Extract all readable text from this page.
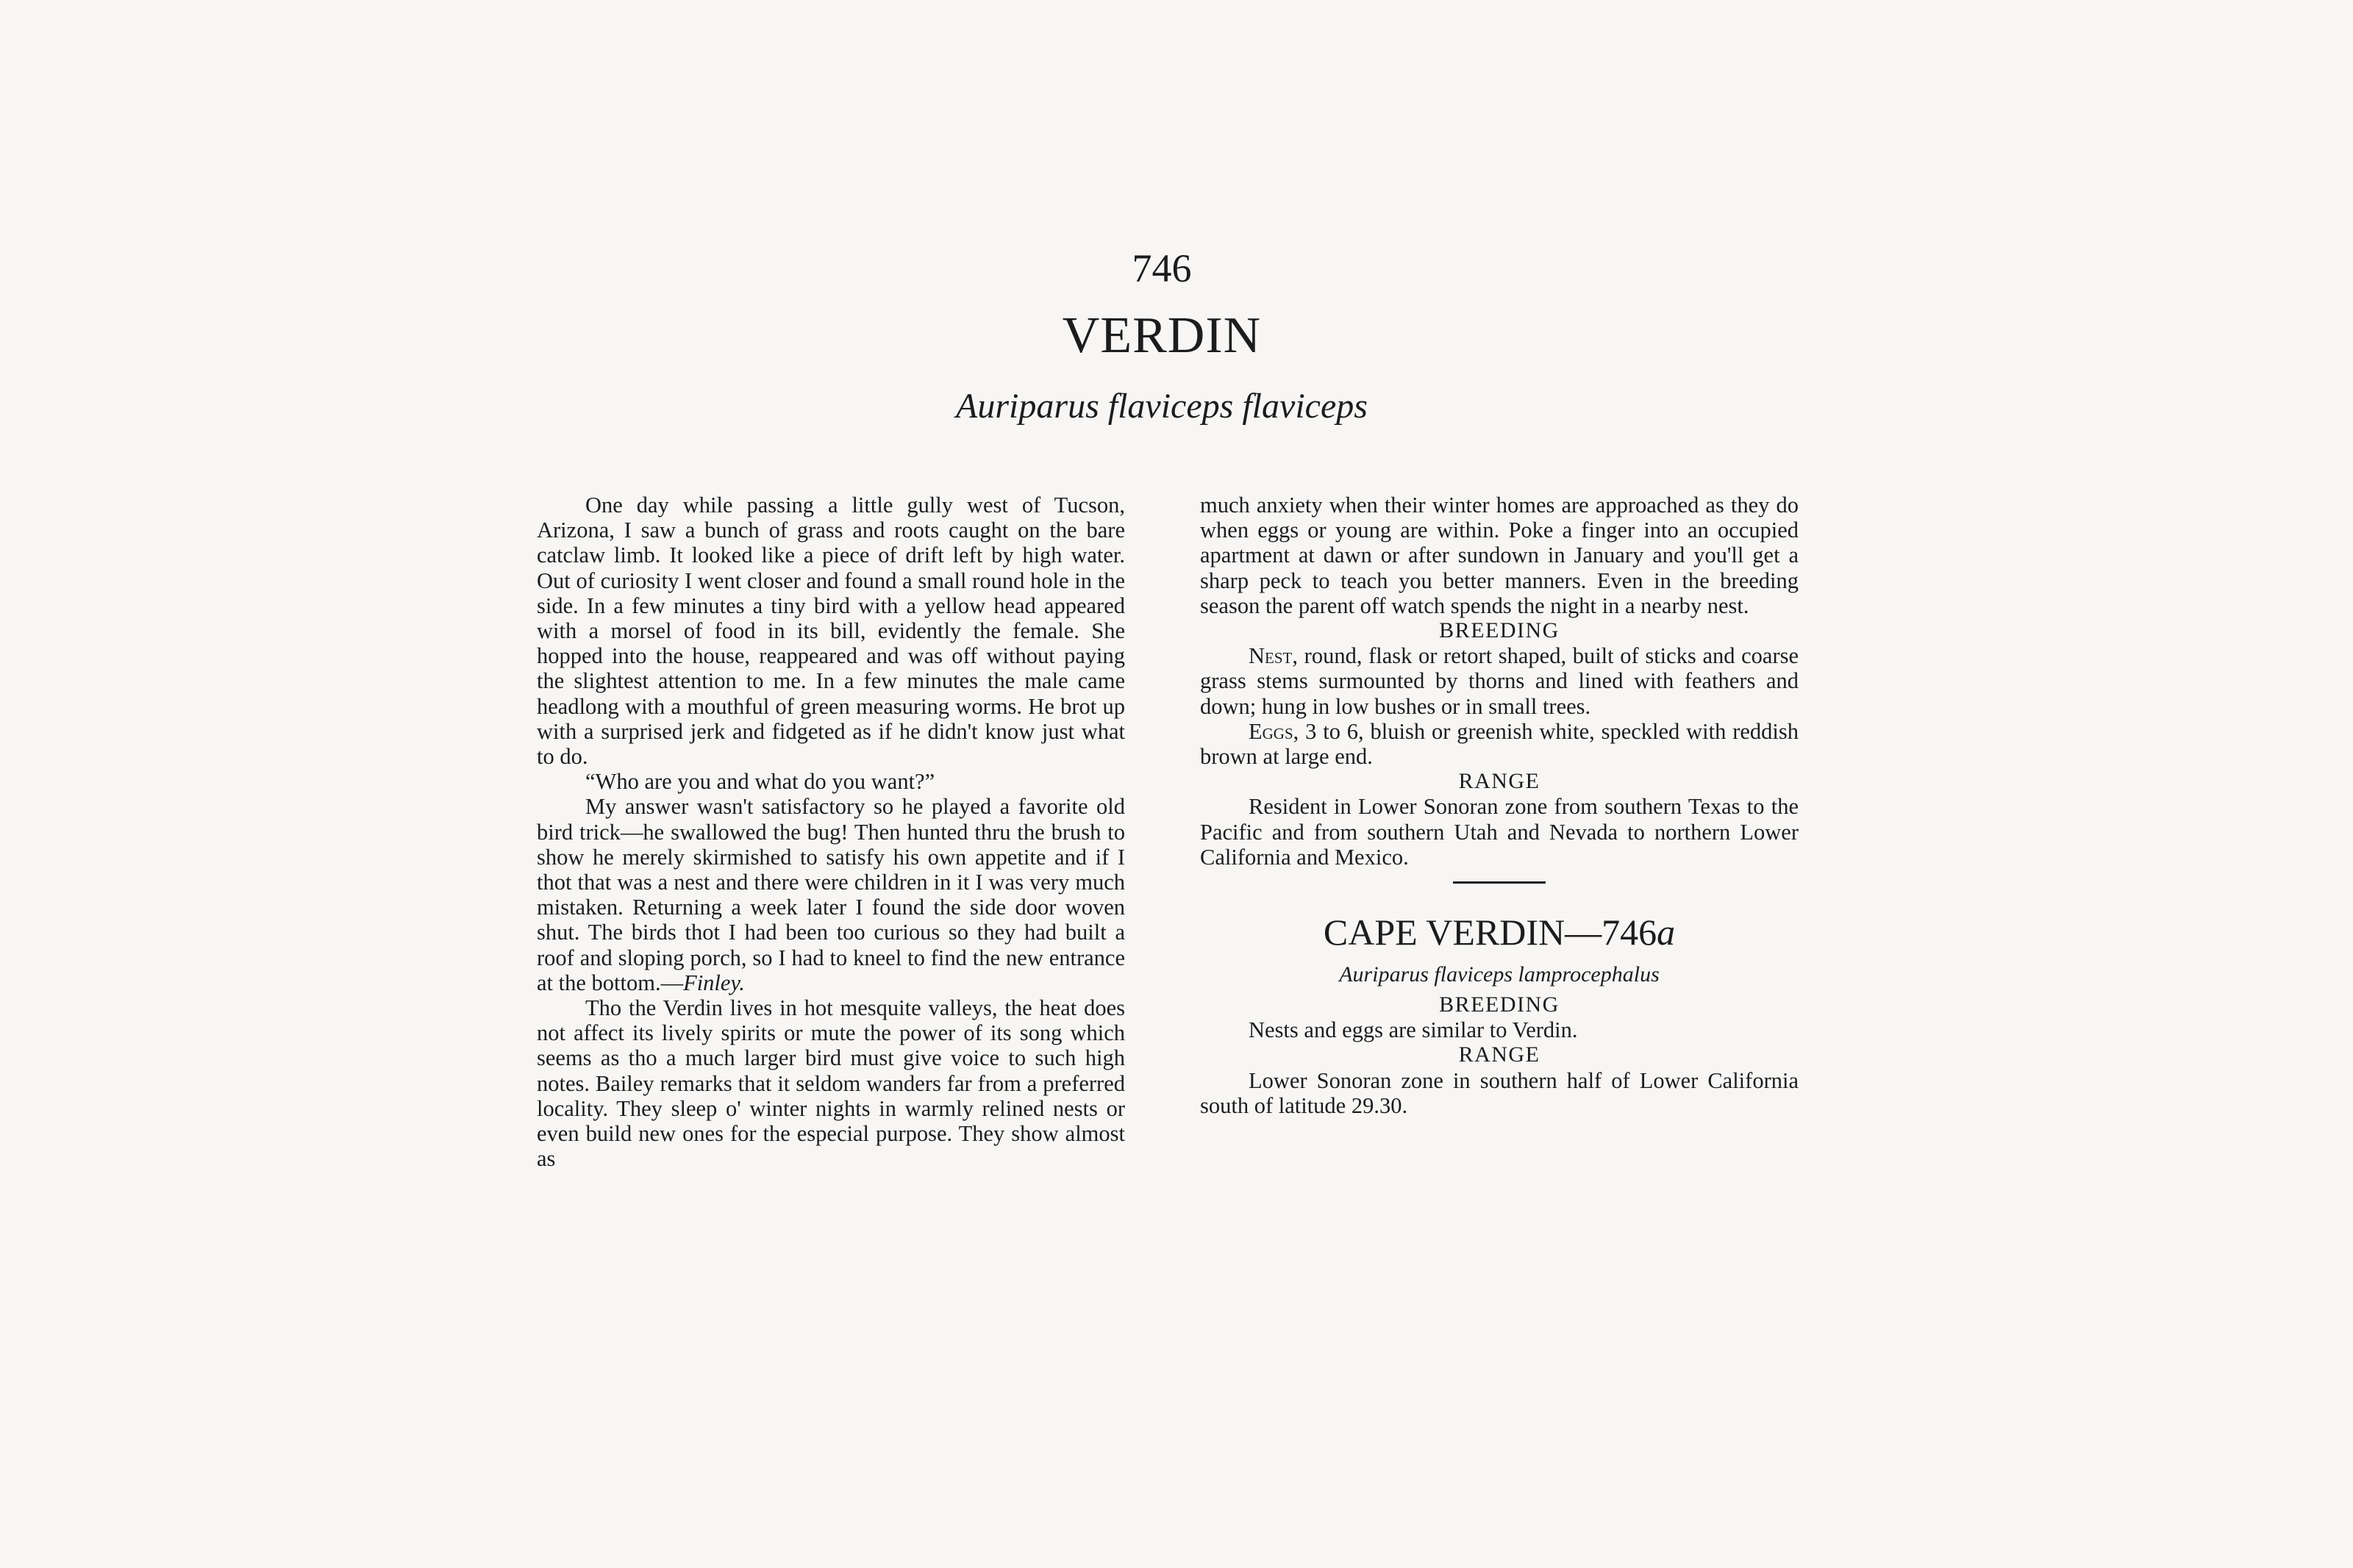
746
VERDIN
Auriparus flaviceps flaviceps

One day while passing a little gully west of Tucson, Arizona, I saw a bunch of grass and roots caught on the bare catclaw limb. It looked like a piece of drift left by high water. Out of curiosity I went closer and found a small round hole in the side. In a few minutes a tiny bird with a yellow head appeared with a morsel of food in its bill, evidently the female. She hopped into the house, reappeared and was off without paying the slightest attention to me. In a few minutes the male came headlong with a mouthful of green measuring worms. He brot up with a surprised jerk and fidgeted as if he didn't know just what to do.

“Who are you and what do you want?”

My answer wasn't satisfactory so he played a favorite old bird trick—he swallowed the bug! Then hunted thru the brush to show he merely skirmished to satisfy his own appetite and if I thot that was a nest and there were children in it I was very much mistaken. Returning a week later I found the side door woven shut. The birds thot I had been too curious so they had built a roof and sloping porch, so I had to kneel to find the new entrance at the bottom.—Finley.

Tho the Verdin lives in hot mesquite valleys, the heat does not affect its lively spirits or mute the power of its song which seems as tho a much larger bird must give voice to such high notes. Bailey remarks that it seldom wanders far from a preferred locality. They sleep o' winter nights in warmly relined nests or even build new ones for the especial purpose. They show almost as

much anxiety when their winter homes are approached as they do when eggs or young are within. Poke a finger into an occupied apartment at dawn or after sundown in January and you'll get a sharp peck to teach you better manners. Even in the breeding season the parent off watch spends the night in a nearby nest.

BREEDING

Nest, round, flask or retort shaped, built of sticks and coarse grass stems surmounted by thorns and lined with feathers and down; hung in low bushes or in small trees.

Eggs, 3 to 6, bluish or greenish white, speckled with reddish brown at large end.

RANGE

Resident in Lower Sonoran zone from southern Texas to the Pacific and from southern Utah and Nevada to northern Lower California and Mexico.

CAPE VERDIN—746a
Auriparus flaviceps lamprocephalus
BREEDING

Nests and eggs are similar to Verdin.

RANGE

Lower Sonoran zone in southern half of Lower California south of latitude 29.30.
